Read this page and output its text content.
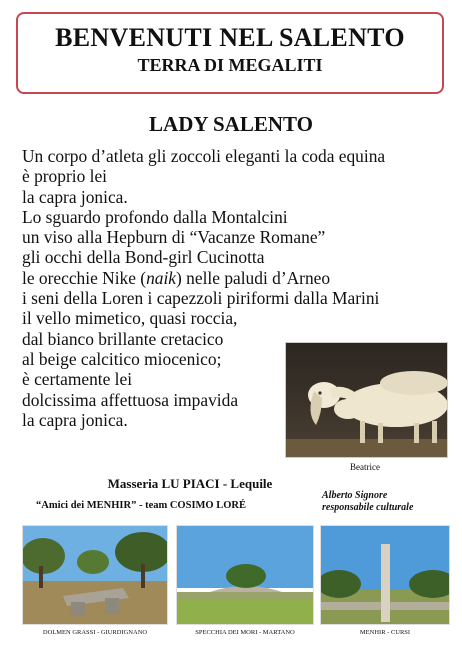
BENVENUTI NEL SALENTO
TERRA DI MEGALITI
LADY SALENTO
Un corpo d’atleta gli zoccoli eleganti la coda equina
è proprio lei
la capra jonica.
Lo sguardo profondo dalla Montalcini
un viso alla Hepburn di “Vacanze Romane”
gli occhi della Bond-girl Cucinotta
le orecchie Nike (naik) nelle paludi d’Arneo
i seni della Loren i capezzoli piriformi dalla Marini
il vello mimetico, quasi roccia,
dal bianco brillante cretacico
al beige calcitico miocenico;
è certamente lei
dolcissima affettuosa impavida
la capra jonica.
Beatrice
Masseria LU PIACI - Lequile
“Amici dei MENHIR” - team COSIMO LORÉ
Alberto Signore
responsabile culturale
DOLMEN GRASSI - GIURDIGNANO	SPECCHIA DEI MORI - MARTANO	MENHIR - CURSI
